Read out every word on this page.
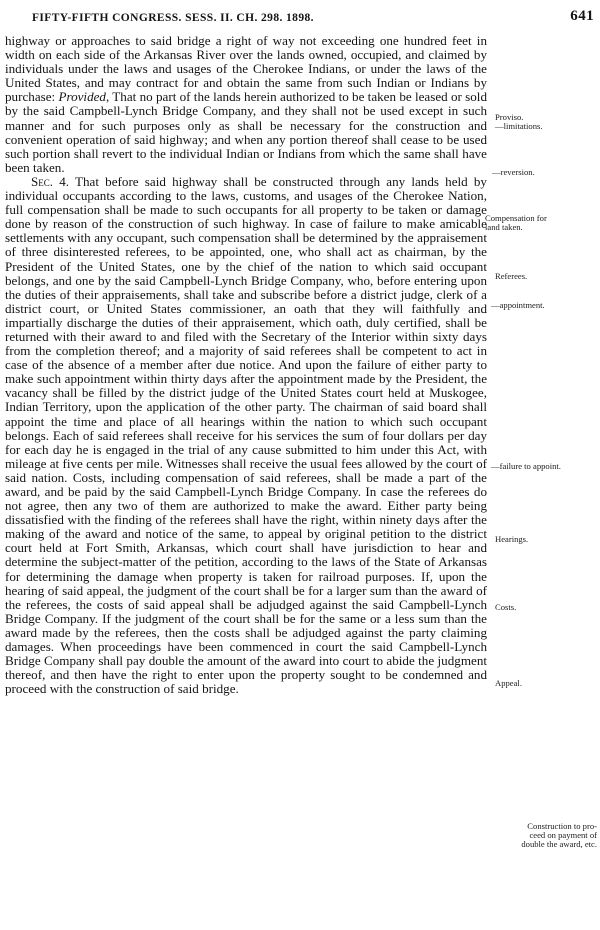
FIFTY-FIFTH CONGRESS. SESS. II. CH. 298. 1898.	641

highway or approaches to said bridge a right of way not exceeding one hundred feet in width on each side of the Arkansas River over the lands owned, occupied, and claimed by individuals under the laws and usages of the Cherokee Indians, or under the laws of the United States, and may contract for and obtain the same from such Indian or Indians by purchase: Provided, That no part of the lands herein authorized to be taken be leased or sold by the said Campbell-Lynch Bridge Company, and they shall not be used except in such manner and for such purposes only as shall be necessary for the construction and convenient operation of said highway; and when any portion thereof shall cease to be used such portion shall revert to the individual Indian or Indians from which the same shall have been taken.

Sec. 4. That before said highway shall be constructed through any lands held by individual occupants according to the laws, customs, and usages of the Cherokee Nation, full compensation shall be made to such occupants for all property to be taken or damage done by reason of the construction of such highway. In case of failure to make amicable settlements with any occupant, such compensation shall be determined by the appraisement of three disinterested referees, to be appointed, one, who shall act as chairman, by the President of the United States, one by the chief of the nation to which said occupant belongs, and one by the said Campbell-Lynch Bridge Company, who, before entering upon the duties of their appraisements, shall take and subscribe before a district judge, clerk of a district court, or United States commissioner, an oath that they will faithfully and impartially discharge the duties of their appraisement, which oath, duly certified, shall be returned with their award to and filed with the Secretary of the Interior within sixty days from the completion thereof; and a majority of said referees shall be competent to act in case of the absence of a member after due notice. And upon the failure of either party to make such appointment within thirty days after the appointment made by the President, the vacancy shall be filled by the district judge of the United States court held at Muskogee, Indian Territory, upon the application of the other party. The chairman of said board shall appoint the time and place of all hearings within the nation to which such occupant belongs. Each of said referees shall receive for his services the sum of four dollars per day for each day he is engaged in the trial of any cause submitted to him under this Act, with mileage at five cents per mile. Witnesses shall receive the usual fees allowed by the court of said nation. Costs, including compensation of said referees, shall be made a part of the award, and be paid by the said Campbell-Lynch Bridge Company. In case the referees do not agree, then any two of them are authorized to make the award. Either party being dissatisfied with the finding of the referees shall have the right, within ninety days after the making of the award and notice of the same, to appeal by original petition to the district court held at Fort Smith, Arkansas, which court shall have jurisdiction to hear and determine the subject-matter of the petition, according to the laws of the State of Arkansas for determining the damage when property is taken for railroad purposes. If, upon the hearing of said appeal, the judgment of the court shall be for a larger sum than the award of the referees, the costs of said appeal shall be adjudged against the said Campbell-Lynch Bridge Company. If the judgment of the court shall be for the same or a less sum than the award made by the referees, then the costs shall be adjudged against the party claiming damages. When proceedings have been commenced in court the said Campbell-Lynch Bridge Company shall pay double the amount of the award into court to abide the judgment thereof, and then have the right to enter upon the property sought to be condemned and proceed with the construction of said bridge.

Proviso.
—limitations.
—reversion.
Compensation for
land taken.
Referees.
—appointment.
—failure to appoint.
Hearings.
Costs.
Appeal.
Construction to pro-
ceed on payment of
double the award, etc.
